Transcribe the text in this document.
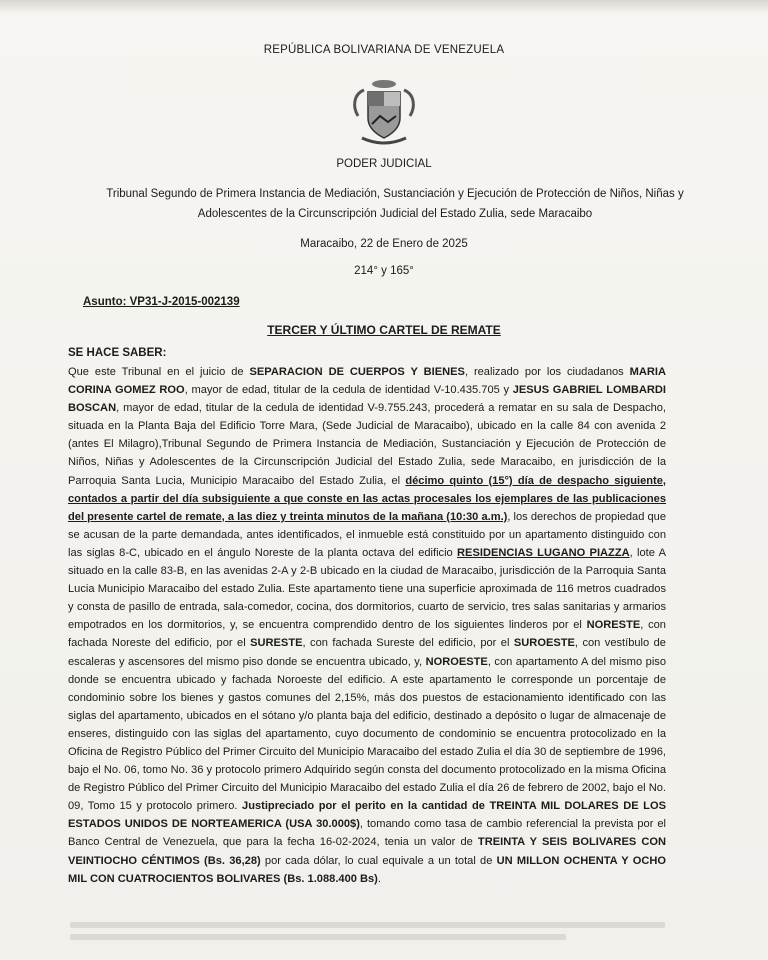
REPÚBLICA BOLIVARIANA DE VENEZUELA
PODER JUDICIAL
Tribunal Segundo de Primera Instancia de Mediación, Sustanciación y Ejecución de Protección de Niños, Niñas y Adolescentes de la Circunscripción Judicial del Estado Zulia, sede Maracaibo
Maracaibo, 22 de Enero de 2025
214° y 165°
Asunto: VP31-J-2015-002139
TERCER Y ÚLTIMO CARTEL DE REMATE
SE HACE SABER:
Que este Tribunal en el juicio de SEPARACION DE CUERPOS Y BIENES, realizado por los ciudadanos MARIA CORINA GOMEZ ROO, mayor de edad, titular de la cedula de identidad V-10.435.705 y JESUS GABRIEL LOMBARDI BOSCAN, mayor de edad, titular de la cedula de identidad V-9.755.243, procederá a rematar en su sala de Despacho, situada en la Planta Baja del Edificio Torre Mara, (Sede Judicial de Maracaibo), ubicado en la calle 84 con avenida 2 (antes El Milagro),Tribunal Segundo de Primera Instancia de Mediación, Sustanciación y Ejecución de Protección de Niños, Niñas y Adolescentes de la Circunscripción Judicial del Estado Zulia, sede Maracaibo, en jurisdicción de la Parroquia Santa Lucia, Municipio Maracaibo del Estado Zulia, el décimo quinto (15°) día de despacho siguiente, contados a partir del día subsiguiente a que conste en las actas procesales los ejemplares de las publicaciones del presente cartel de remate, a las diez y treinta minutos de la mañana (10:30 a.m.), los derechos de propiedad que se acusan de la parte demandada, antes identificados, el inmueble está constituido por un apartamento distinguido con las siglas 8-C, ubicado en el ángulo Noreste de la planta octava del edificio RESIDENCIAS LUGANO PIAZZA, lote A situado en la calle 83-B, en las avenidas 2-A y 2-B ubicado en la ciudad de Maracaibo, jurisdicción de la Parroquia Santa Lucia Municipio Maracaibo del estado Zulia. Este apartamento tiene una superficie aproximada de 116 metros cuadrados y consta de pasillo de entrada, sala-comedor, cocina, dos dormitorios, cuarto de servicio, tres salas sanitarias y armarios empotrados en los dormitorios, y, se encuentra comprendido dentro de los siguientes linderos por el NORESTE, con fachada Noreste del edificio, por el SURESTE, con fachada Sureste del edificio, por el SUROESTE, con vestíbulo de escaleras y ascensores del mismo piso donde se encuentra ubicado, y, NOROESTE, con apartamento A del mismo piso donde se encuentra ubicado y fachada Noroeste del edificio. A este apartamento le corresponde un porcentaje de condominio sobre los bienes y gastos comunes del 2,15%, más dos puestos de estacionamiento identificado con las siglas del apartamento, ubicados en el sótano y/o planta baja del edificio, destinado a depósito o lugar de almacenaje de enseres, distinguido con las siglas del apartamento, cuyo documento de condominio se encuentra protocolizado en la Oficina de Registro Público del Primer Circuito del Municipio Maracaibo del estado Zulia el día 30 de septiembre de 1996, bajo el No. 06, tomo No. 36 y protocolo primero Adquirido según consta del documento protocolizado en la misma Oficina de Registro Público del Primer Circuito del Municipio Maracaibo del estado Zulia el día 26 de febrero de 2002, bajo el No. 09, Tomo 15 y protocolo primero. Justipreciado por el perito en la cantidad de TREINTA MIL DOLARES DE LOS ESTADOS UNIDOS DE NORTEAMERICA (USA 30.000$), tomando como tasa de cambio referencial la prevista por el Banco Central de Venezuela, que para la fecha 16-02-2024, tenia un valor de TREINTA Y SEIS BOLIVARES CON VEINTIOCHO CÉNTIMOS (Bs. 36,28) por cada dólar, lo cual equivale a un total de UN MILLON OCHENTA Y OCHO MIL CON CUATROCIENTOS BOLIVARES (Bs. 1.088.400 Bs).
